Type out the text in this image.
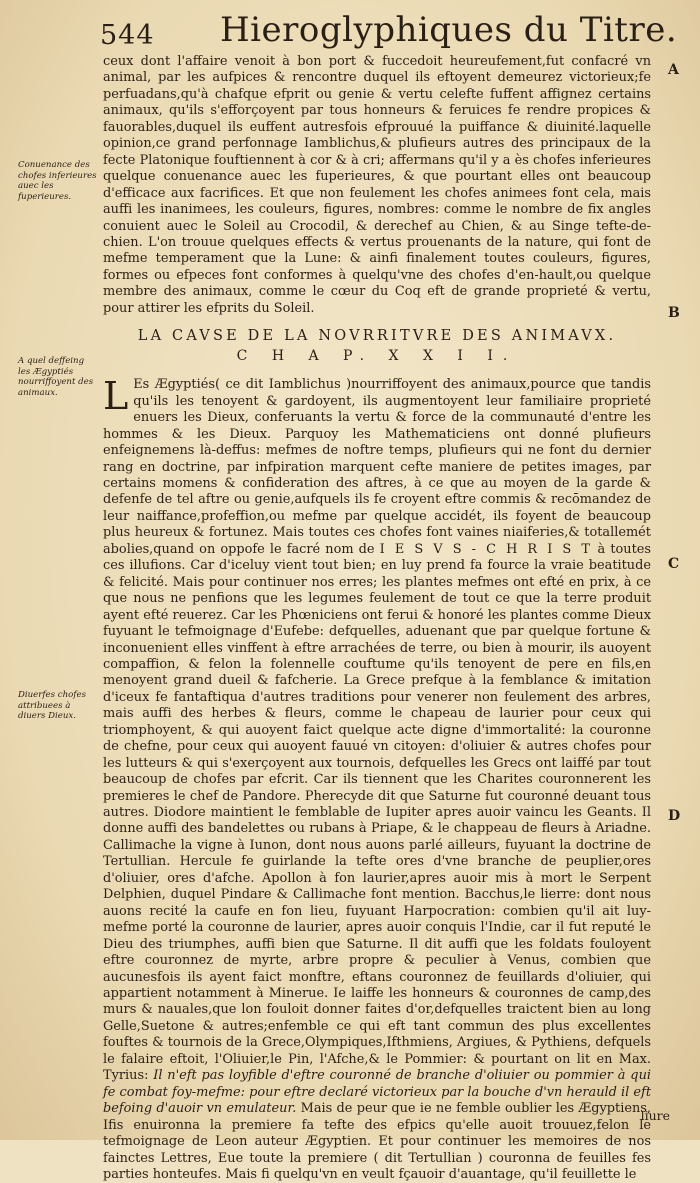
544 Hieroglyphiques du Titre.

ceux dont l'affaire venoit à bon port & fuccedoit heureufement,fut confacré vn animal, par les aufpices & rencontre duquel ils eftoyent demeurez victorieux;fe perfuadans,qu'à chafque efprit ou genie & vertu celefte fuffent affignez certains animaux, qu'ils s'efforçoyent par tous honneurs & feruices fe rendre propices & fauorables,duquel ils euffent autresfois efprouué la puiffance & diuinité.laquelle opinion,ce grand perfonnage Iamblichus,& plufieurs autres des principaux de la fecte Platonique fouftiennent à cor & à cri; affermans qu'il y a ès chofes inferieures quelque conuenance auec les fuperieures, & que pourtant elles ont beaucoup d'efficace aux facrifices. Et que non feulement les chofes animees font cela, mais auffi les inanimees, les couleurs, figures, nombres: comme le nombre de fix angles conuient auec le Soleil au Crocodil, & derechef au Chien, & au Singe tefte-de-chien. L'on trouue quelques effects & vertus prouenants de la nature, qui font de mefme temperament que la Lune: & ainfi finalement toutes couleurs, figures, formes ou efpeces font conformes à quelqu'vne des chofes d'en-hault,ou quelque membre des animaux, comme le cœur du Coq eft de grande proprieté & vertu, pour attirer les efprits du Soleil.

LA CAVSE DE LA NOVRRITVRE DES ANIMAVX.
C H A P. X X I I.

L Es Ægyptiés( ce dit Iamblichus )nourriffoyent des animaux,pource que tandis qu'ils les tenoyent & gardoyent, ils augmentoyent leur familiaire proprieté enuers les Dieux, conferuants la vertu & force de la communauté d'entre les hommes & les Dieux. Parquoy les Mathematiciens ont donné plufieurs enfeignemens là-deffus: mefmes de noftre temps, plufieurs qui ne font du dernier rang en doctrine, par infpiration marquent cefte maniere de petites images, par certains momens & confideration des aftres, à ce que au moyen de la garde & defenfe de tel aftre ou genie,aufquels ils fe croyent eftre commis & recōmandez de leur naiffance,profeffion,ou mefme par quelque accidét, ils foyent de beaucoup plus heureux & fortunez. Mais toutes ces chofes font vaines niaiferies,& totallemét abolies,quand on oppofe le facré nom de I E S V S - C H R I S T à toutes ces illufions. Car d'iceluy vient tout bien; en luy prend fa fource la vraie beatitude & felicité. Mais pour continuer nos erres; les plantes mefmes ont efté en prix, à ce que nous ne penfions que les legumes feulement de tout ce que la terre produit ayent efté reuerez. Car les Phœniciens ont ferui & honoré les plantes comme Dieux fuyuant le tefmoignage d'Eufebe: defquelles, aduenant que par quelque fortune & inconuenient elles vinffent à eftre arrachées de terre, ou bien à mourir, ils auoyent compaffion, & felon la folennelle couftume qu'ils tenoyent de pere en fils,en menoyent grand dueil & fafcherie. La Grece prefque à la femblance & imitation d'iceux fe fantaftiqua d'autres traditions pour venerer non feulement des arbres, mais auffi des herbes & fleurs, comme le chapeau de laurier pour ceux qui triomphoyent, & qui auoyent faict quelque acte digne d'immortalité: la couronne de chefne, pour ceux qui auoyent fauué vn citoyen: d'oliuier & autres chofes pour les lutteurs & qui s'exerçoyent aux tournois, defquelles les Grecs ont laiffé par tout beaucoup de chofes par efcrit. Car ils tiennent que les Charites couronnerent les premieres le chef de Pandore. Pherecyde dit que Saturne fut couronné deuant tous autres. Diodore maintient le femblable de Iupiter apres auoir vaincu les Geants. Il donne auffi des bandelettes ou rubans à Priape, & le chappeau de fleurs à Ariadne. Callimache la vigne à Iunon, dont nous auons parlé ailleurs, fuyuant la doctrine de Tertullian. Hercule fe guirlande la tefte ores d'vne branche de peuplier,ores d'oliuier, ores d'afche. Apollon à fon laurier,apres auoir mis à mort le Serpent Delphien, duquel Pindare & Callimache font mention. Bacchus,le lierre: dont nous auons recité la caufe en fon lieu, fuyuant Harpocration: combien qu'il ait luy-mefme porté la couronne de laurier, apres auoir conquis l'Indie, car il fut reputé le Dieu des triumphes, auffi bien que Saturne. Il dit auffi que les foldats fouloyent eftre couronnez de myrte, arbre propre & peculier à Venus, combien que aucunesfois ils ayent faict monftre, eftans couronnez de feuillards d'oliuier, qui appartient notamment à Minerue. Ie laiffe les honneurs & couronnes de camp,des murs & nauales,que lon fouloit donner faites d'or,defquelles traictent bien au long Gelle,Suetone & autres;enfemble ce qui eft tant commun des plus excellentes fouftes & tournois de la Grece,Olympiques,Ifthmiens, Argiues, & Pythiens, defquels le falaire eftoit, l'Oliuier,le Pin, l'Afche,& le Pommier: & pourtant on lit en Max. Tyrius: Il n'eft pas loyfible d'eftre couronné de branche d'oliuier ou pommier à qui fe combat foy-mefme: pour eftre declaré victorieux par la bouche d'vn herauld il eft befoing d'auoir vn emulateur. Mais de peur que ie ne femble oublier les Ægyptiens, Ifis enuironna la premiere fa tefte des efpics qu'elle auoit trouuez,felon le tefmoignage de Leon auteur Ægyptien. Et pour continuer les memoires de nos fainctes Lettres, Eue toute la premiere ( dit Tertullian ) couronna de feuilles fes parties honteufes. Mais fi quelqu'vn en veult fçauoir d'auantage, qu'il feuillette le

Conuenance des chofes inferieures auec les fuperieures.
A quel deffeing les Ægyptiés nourriffoyent des animaux.
Diuerfes chofes attribuees à diuers Dieux.
A
B
C
D
liure
